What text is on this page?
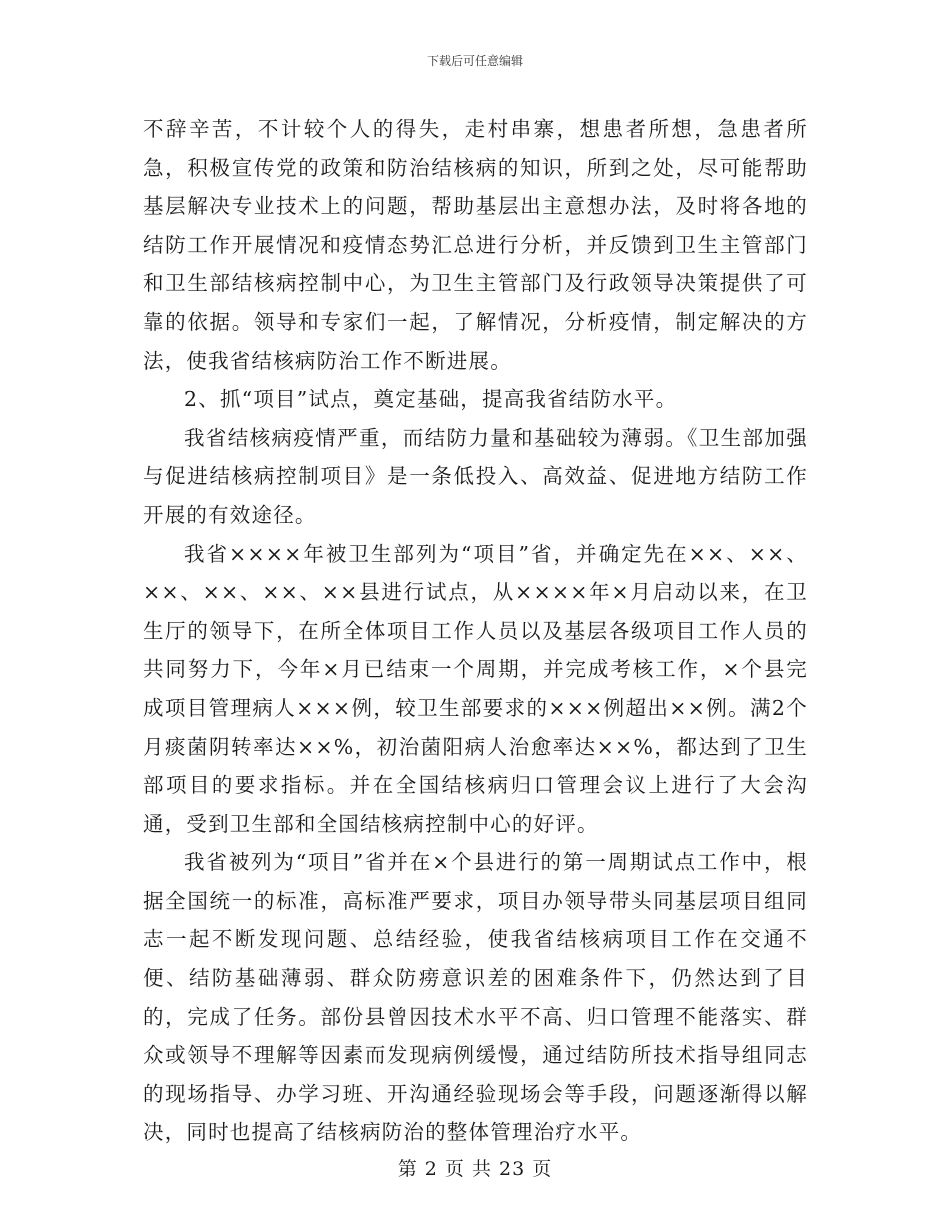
下载后可任意编辑

不辞辛苦，不计较个人的得失，走村串寨，想患者所想，急患者所急，积极宣传党的政策和防治结核病的知识，所到之处，尽可能帮助基层解决专业技术上的问题，帮助基层出主意想办法，及时将各地的结防工作开展情况和疫情态势汇总进行分析，并反馈到卫生主管部门和卫生部结核病控制中心，为卫生主管部门及行政领导决策提供了可靠的依据。领导和专家们一起，了解情况，分析疫情，制定解决的方法，使我省结核病防治工作不断进展。

2、抓“项目”试点，奠定基础，提高我省结防水平。

我省结核病疫情严重，而结防力量和基础较为薄弱。《卫生部加强与促进结核病控制项目》是一条低投入、高效益、促进地方结防工作开展的有效途径。

我省××××年被卫生部列为“项目”省，并确定先在××、××、××、××、××、××县进行试点，从××××年×月启动以来，在卫生厅的领导下，在所全体项目工作人员以及基层各级项目工作人员的共同努力下，今年×月已结束一个周期，并完成考核工作，×个县完成项目管理病人×××例，较卫生部要求的×××例超出××例。满2个月痰菌阴转率达××%，初治菌阳病人治愈率达××%，都达到了卫生部项目的要求指标。并在全国结核病归口管理会议上进行了大会沟通，受到卫生部和全国结核病控制中心的好评。

我省被列为“项目”省并在×个县进行的第一周期试点工作中，根据全国统一的标准，高标准严要求，项目办领导带头同基层项目组同志一起不断发现问题、总结经验，使我省结核病项目工作在交通不便、结防基础薄弱、群众防痨意识差的困难条件下，仍然达到了目的，完成了任务。部份县曾因技术水平不高、归口管理不能落实、群众或领导不理解等因素而发现病例缓慢，通过结防所技术指导组同志的现场指导、办学习班、开沟通经验现场会等手段，问题逐渐得以解决，同时也提高了结核病防治的整体管理治疗水平。

第 2 页 共 23 页
